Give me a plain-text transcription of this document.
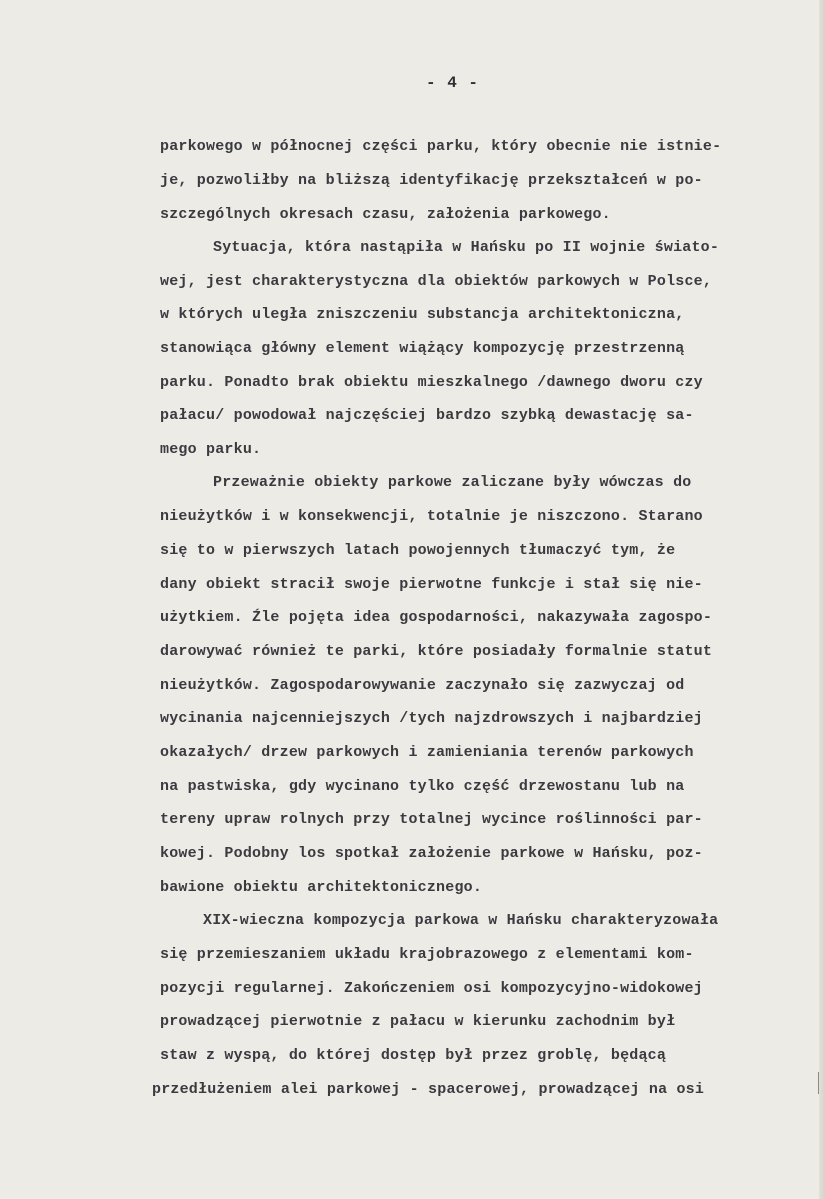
- 4 -
parkowego w północnej części parku, który obecnie nie istnie-
je, pozwoliłby na bliższą identyfikację przekształceń w po-
szczególnych okresach czasu, założenia parkowego.
Sytuacja, która nastąpiła w Hańsku po II wojnie świato-
wej, jest charakterystyczna dla obiektów parkowych w Polsce,
w których uległa zniszczeniu substancja architektoniczna,
stanowiąca główny element wiążący kompozycję przestrzenną
parku. Ponadto brak obiektu mieszkalnego /dawnego dworu czy
pałacu/ powodował najczęściej bardzo szybką dewastację sa-
mego parku.
Przeważnie obiekty parkowe zaliczane były wówczas do
nieużytków i w konsekwencji, totalnie je niszczono. Starano
się to w pierwszych latach powojennych tłumaczyć tym, że
dany obiekt stracił swoje pierwotne funkcje i stał się nie-
użytkiem. Źle pojęta idea gospodarności, nakazywała zagospo-
darowywać również te parki, które posiadały formalnie statut
nieużytków. Zagospodarowywanie zaczynało się zazwyczaj od
wycinania najcenniejszych /tych najzdrowszych i najbardziej
okazałych/ drzew parkowych i zamieniania terenów parkowych
na pastwiska, gdy wycinano tylko część drzewostanu lub na
tereny upraw rolnych przy totalnej wycince roślinności par-
kowej. Podobny los spotkał założenie parkowe w Hańsku, poz-
bawione obiektu architektonicznego.
XIX-wieczna kompozycja parkowa w Hańsku charakteryzowała
się przemieszaniem układu krajobrazowego z elementami kom-
pozycji regularnej. Zakończeniem osi kompozycyjno-widokowej
prowadzącej pierwotnie z pałacu w kierunku zachodnim był
staw z wyspą, do której dostęp był przez groblę, będącą
przedłużeniem alei parkowej - spacerowej, prowadzącej na osi
